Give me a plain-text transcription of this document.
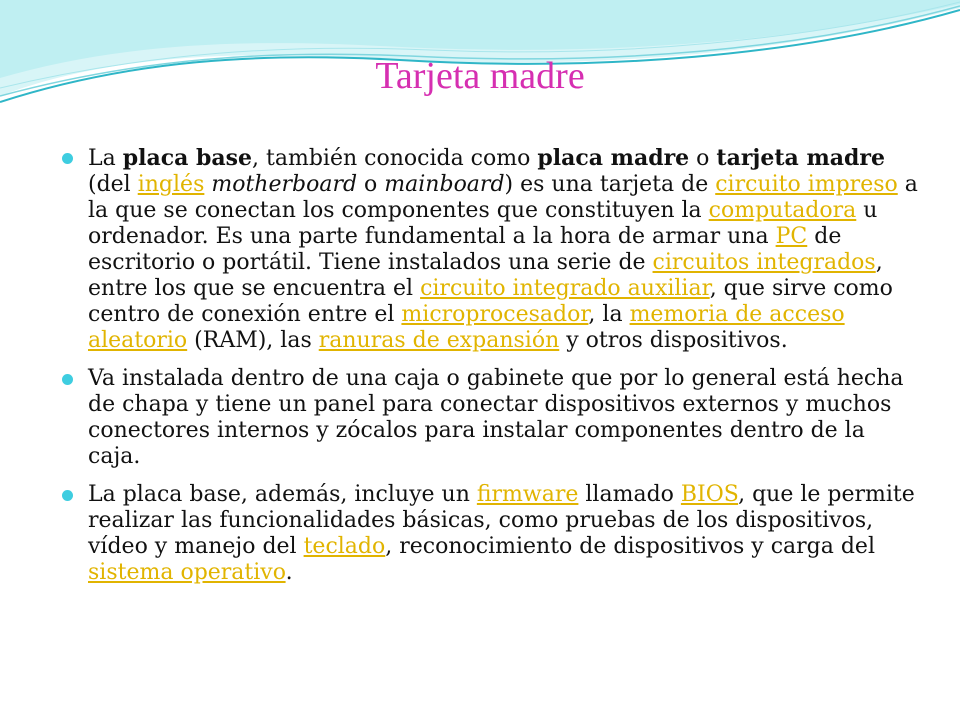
Tarjeta madre
La placa base, también conocida como placa madre o tarjeta madre (del inglés motherboard o mainboard) es una tarjeta de circuito impreso a la que se conectan los componentes que constituyen la computadora u ordenador. Es una parte fundamental a la hora de armar una PC de escritorio o portátil. Tiene instalados una serie de circuitos integrados, entre los que se encuentra el circuito integrado auxiliar, que sirve como centro de conexión entre el microprocesador, la memoria de acceso aleatorio (RAM), las ranuras de expansión y otros dispositivos.
Va instalada dentro de una caja o gabinete que por lo general está hecha de chapa y tiene un panel para conectar dispositivos externos y muchos conectores internos y zócalos para instalar componentes dentro de la caja.
La placa base, además, incluye un firmware llamado BIOS, que le permite realizar las funcionalidades básicas, como pruebas de los dispositivos, vídeo y manejo del teclado, reconocimiento de dispositivos y carga del sistema operativo.
